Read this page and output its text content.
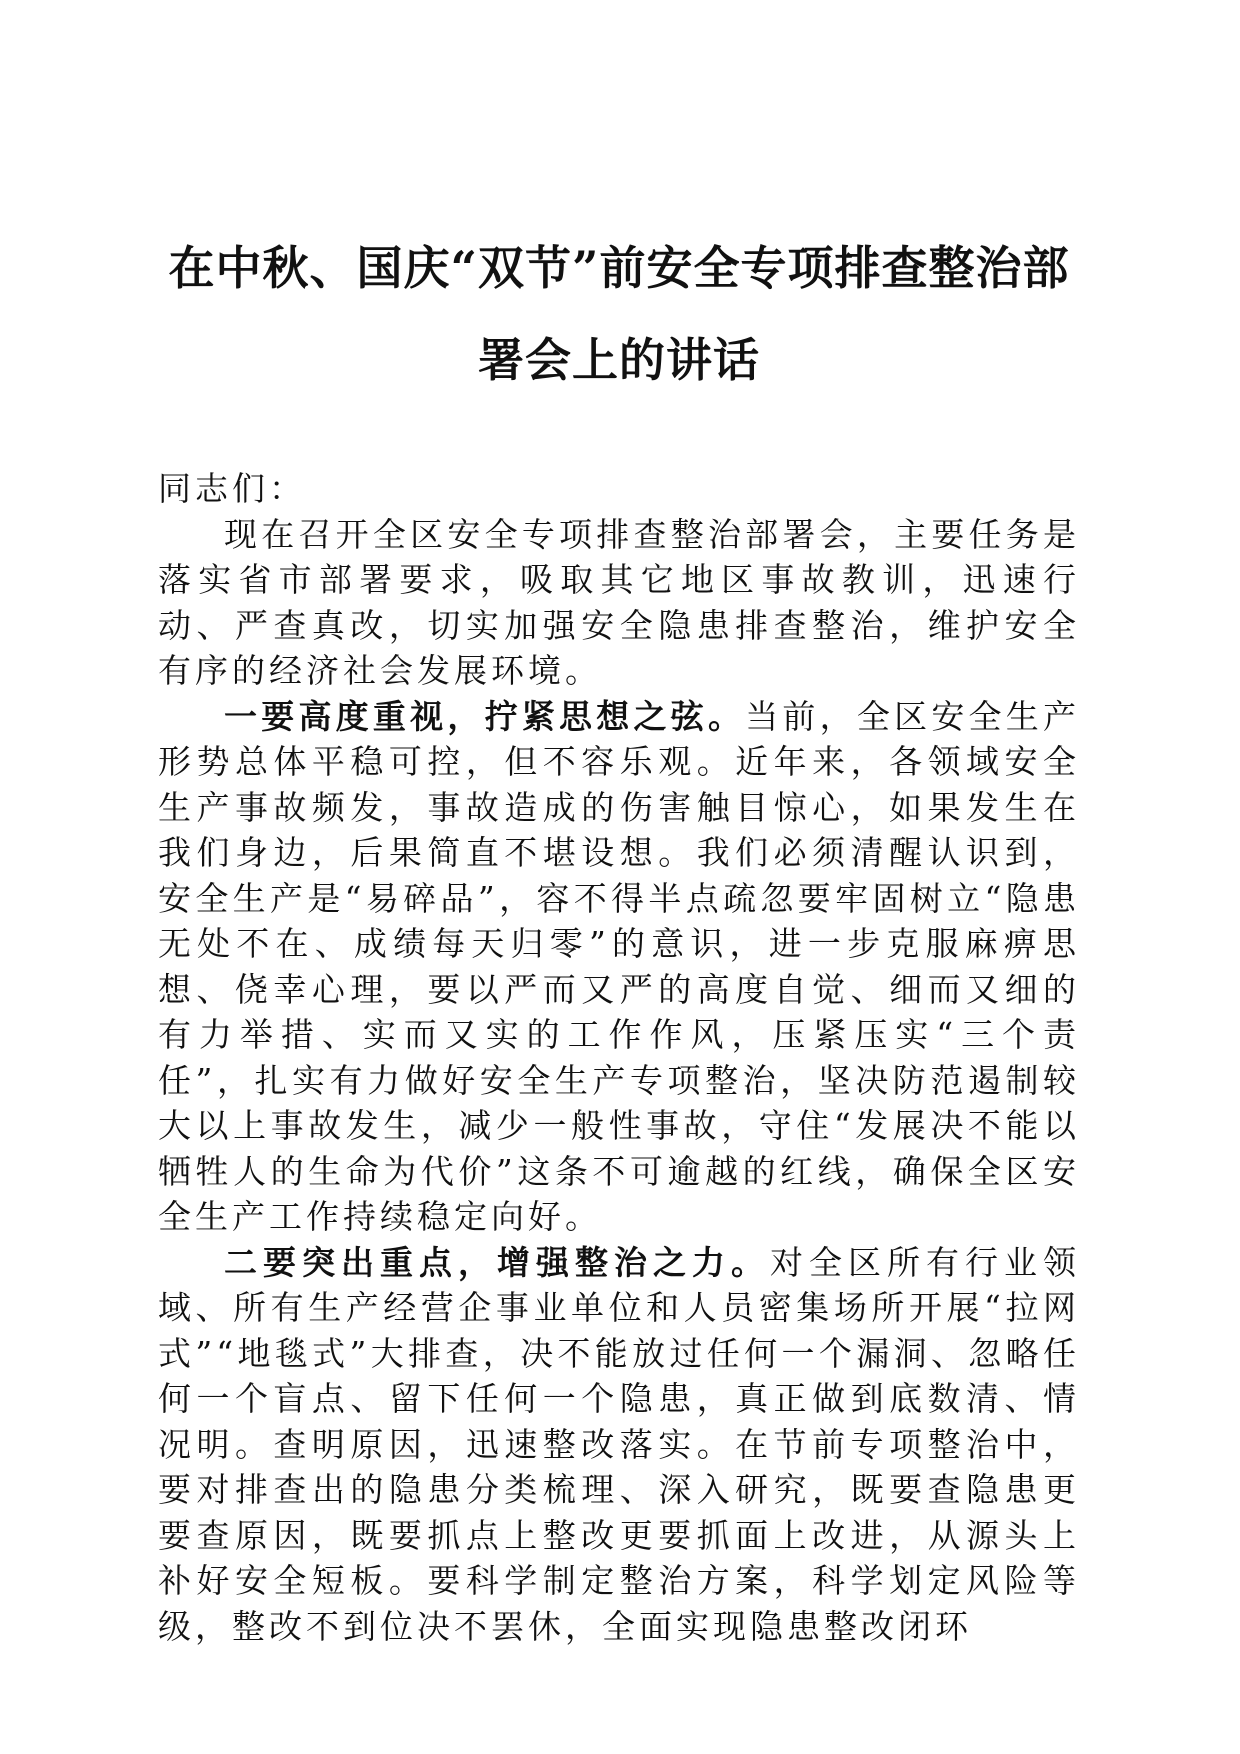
在中秋、国庆“双节”前安全专项排查整治部
署会上的讲话

同志们：

现在召开全区安全专项排查整治部署会，主要任务是落实省市部署要求，吸取其它地区事故教训，迅速行动、严查真改，切实加强安全隐患排查整治，维护安全有序的经济社会发展环境。

一要高度重视，拧紧思想之弦。当前，全区安全生产形势总体平稳可控，但不容乐观。近年来，各领域安全生产事故频发，事故造成的伤害触目惊心，如果发生在我们身边，后果简直不堪设想。我们必须清醒认识到，安全生产是“易碎品”，容不得半点疏忽要牢固树立“隐患无处不在、成绩每天归零”的意识，进一步克服麻痹思想、侥幸心理，要以严而又严的高度自觉、细而又细的有力举措、实而又实的工作作风，压紧压实“三个责任”，扎实有力做好安全生产专项整治，坚决防范遏制较大以上事故发生，减少一般性事故，守住“发展决不能以牺牲人的生命为代价”这条不可逾越的红线，确保全区安全生产工作持续稳定向好。

二要突出重点，增强整治之力。对全区所有行业领域、所有生产经营企事业单位和人员密集场所开展“拉网式”“地毯式”大排查，决不能放过任何一个漏洞、忽略任何一个盲点、留下任何一个隐患，真正做到底数清、情况明。查明原因，迅速整改落实。在节前专项整治中，要对排查出的隐患分类梳理、深入研究，既要查隐患更要查原因，既要抓点上整改更要抓面上改进，从源头上补好安全短板。要科学制定整治方案，科学划定风险等级，整改不到位决不罢休，全面实现隐患整改闭环
